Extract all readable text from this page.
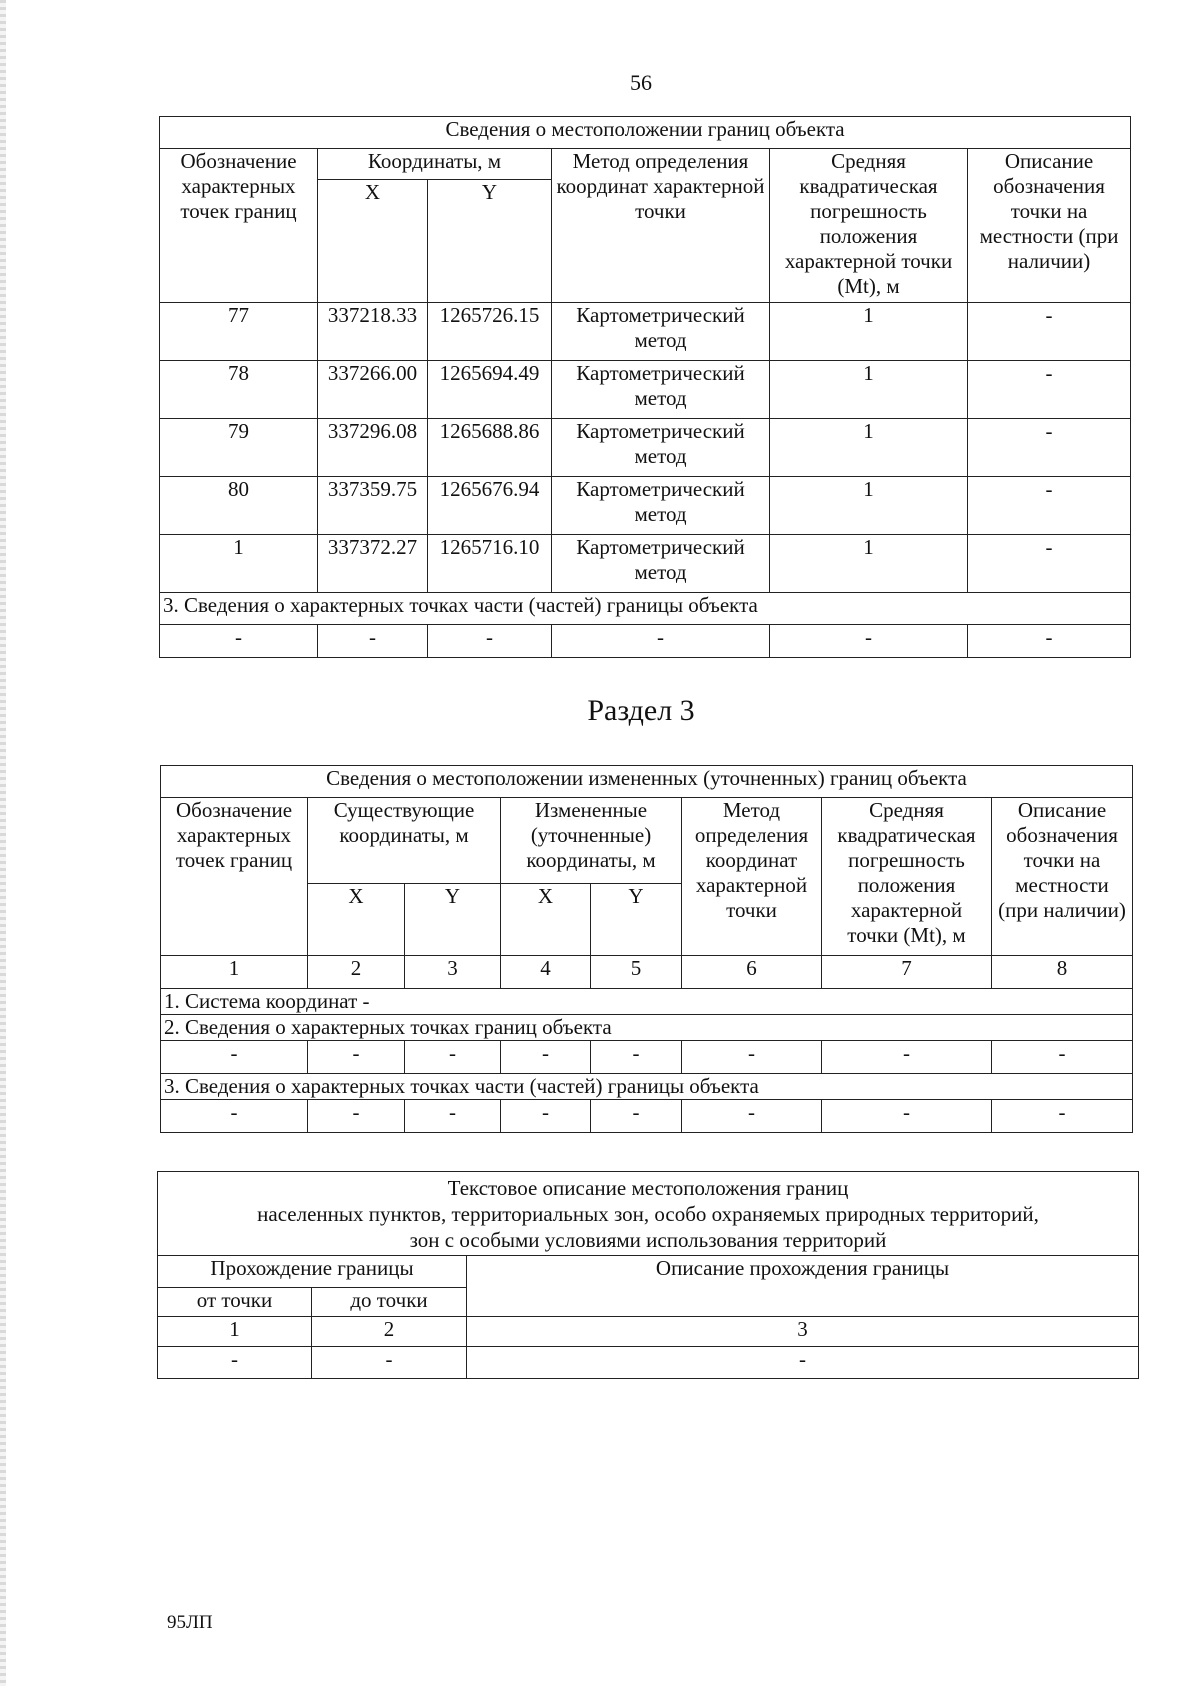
56
Сведения о местоположении границ объекта					
Обозначение характерных точек границ	Координаты, м		Метод определения координат характерной точки	Средняя квадратическая погрешность положения характерной точки (Mt), м	Описание обозначения точки на местности (при наличии)
	X	Y			
77	337218.33	1265726.15	Картометрический метод	1	-
78	337266.00	1265694.49	Картометрический метод	1	-
79	337296.08	1265688.86	Картометрический метод	1	-
80	337359.75	1265676.94	Картометрический метод	1	-
1	337372.27	1265716.10	Картометрический метод	1	-
3. Сведения о характерных точках части (частей) границы объекта					
-	-	-	-	-	-
Раздел 3
Сведения о местоположении измененных (уточненных) границ объекта							
Обозначение характерных точек границ	Существующие координаты, м		Измененные (уточненные) координаты, м		Метод определения координат характерной точки	Средняя квадратическая погрешность положения характерной точки (Mt), м	Описание обозначения точки на местности (при наличии)
	X	Y	X	Y			
1	2	3	4	5	6	7	8
1. Система координат -							
2. Сведения о характерных точках границ объекта							
-	-	-	-	-	-	-	-
3. Сведения о характерных точках части (частей) границы объекта							
-	-	-	-	-	-	-	-
Текстовое описание местоположения границ
населенных пунктов, территориальных зон, особо охраняемых природных территорий,
зон с особыми условиями использования территорий		

Прохождение границы		Описание прохождения границы
от точки	до точки	
1	2	3
-	-	-
95ЛП
